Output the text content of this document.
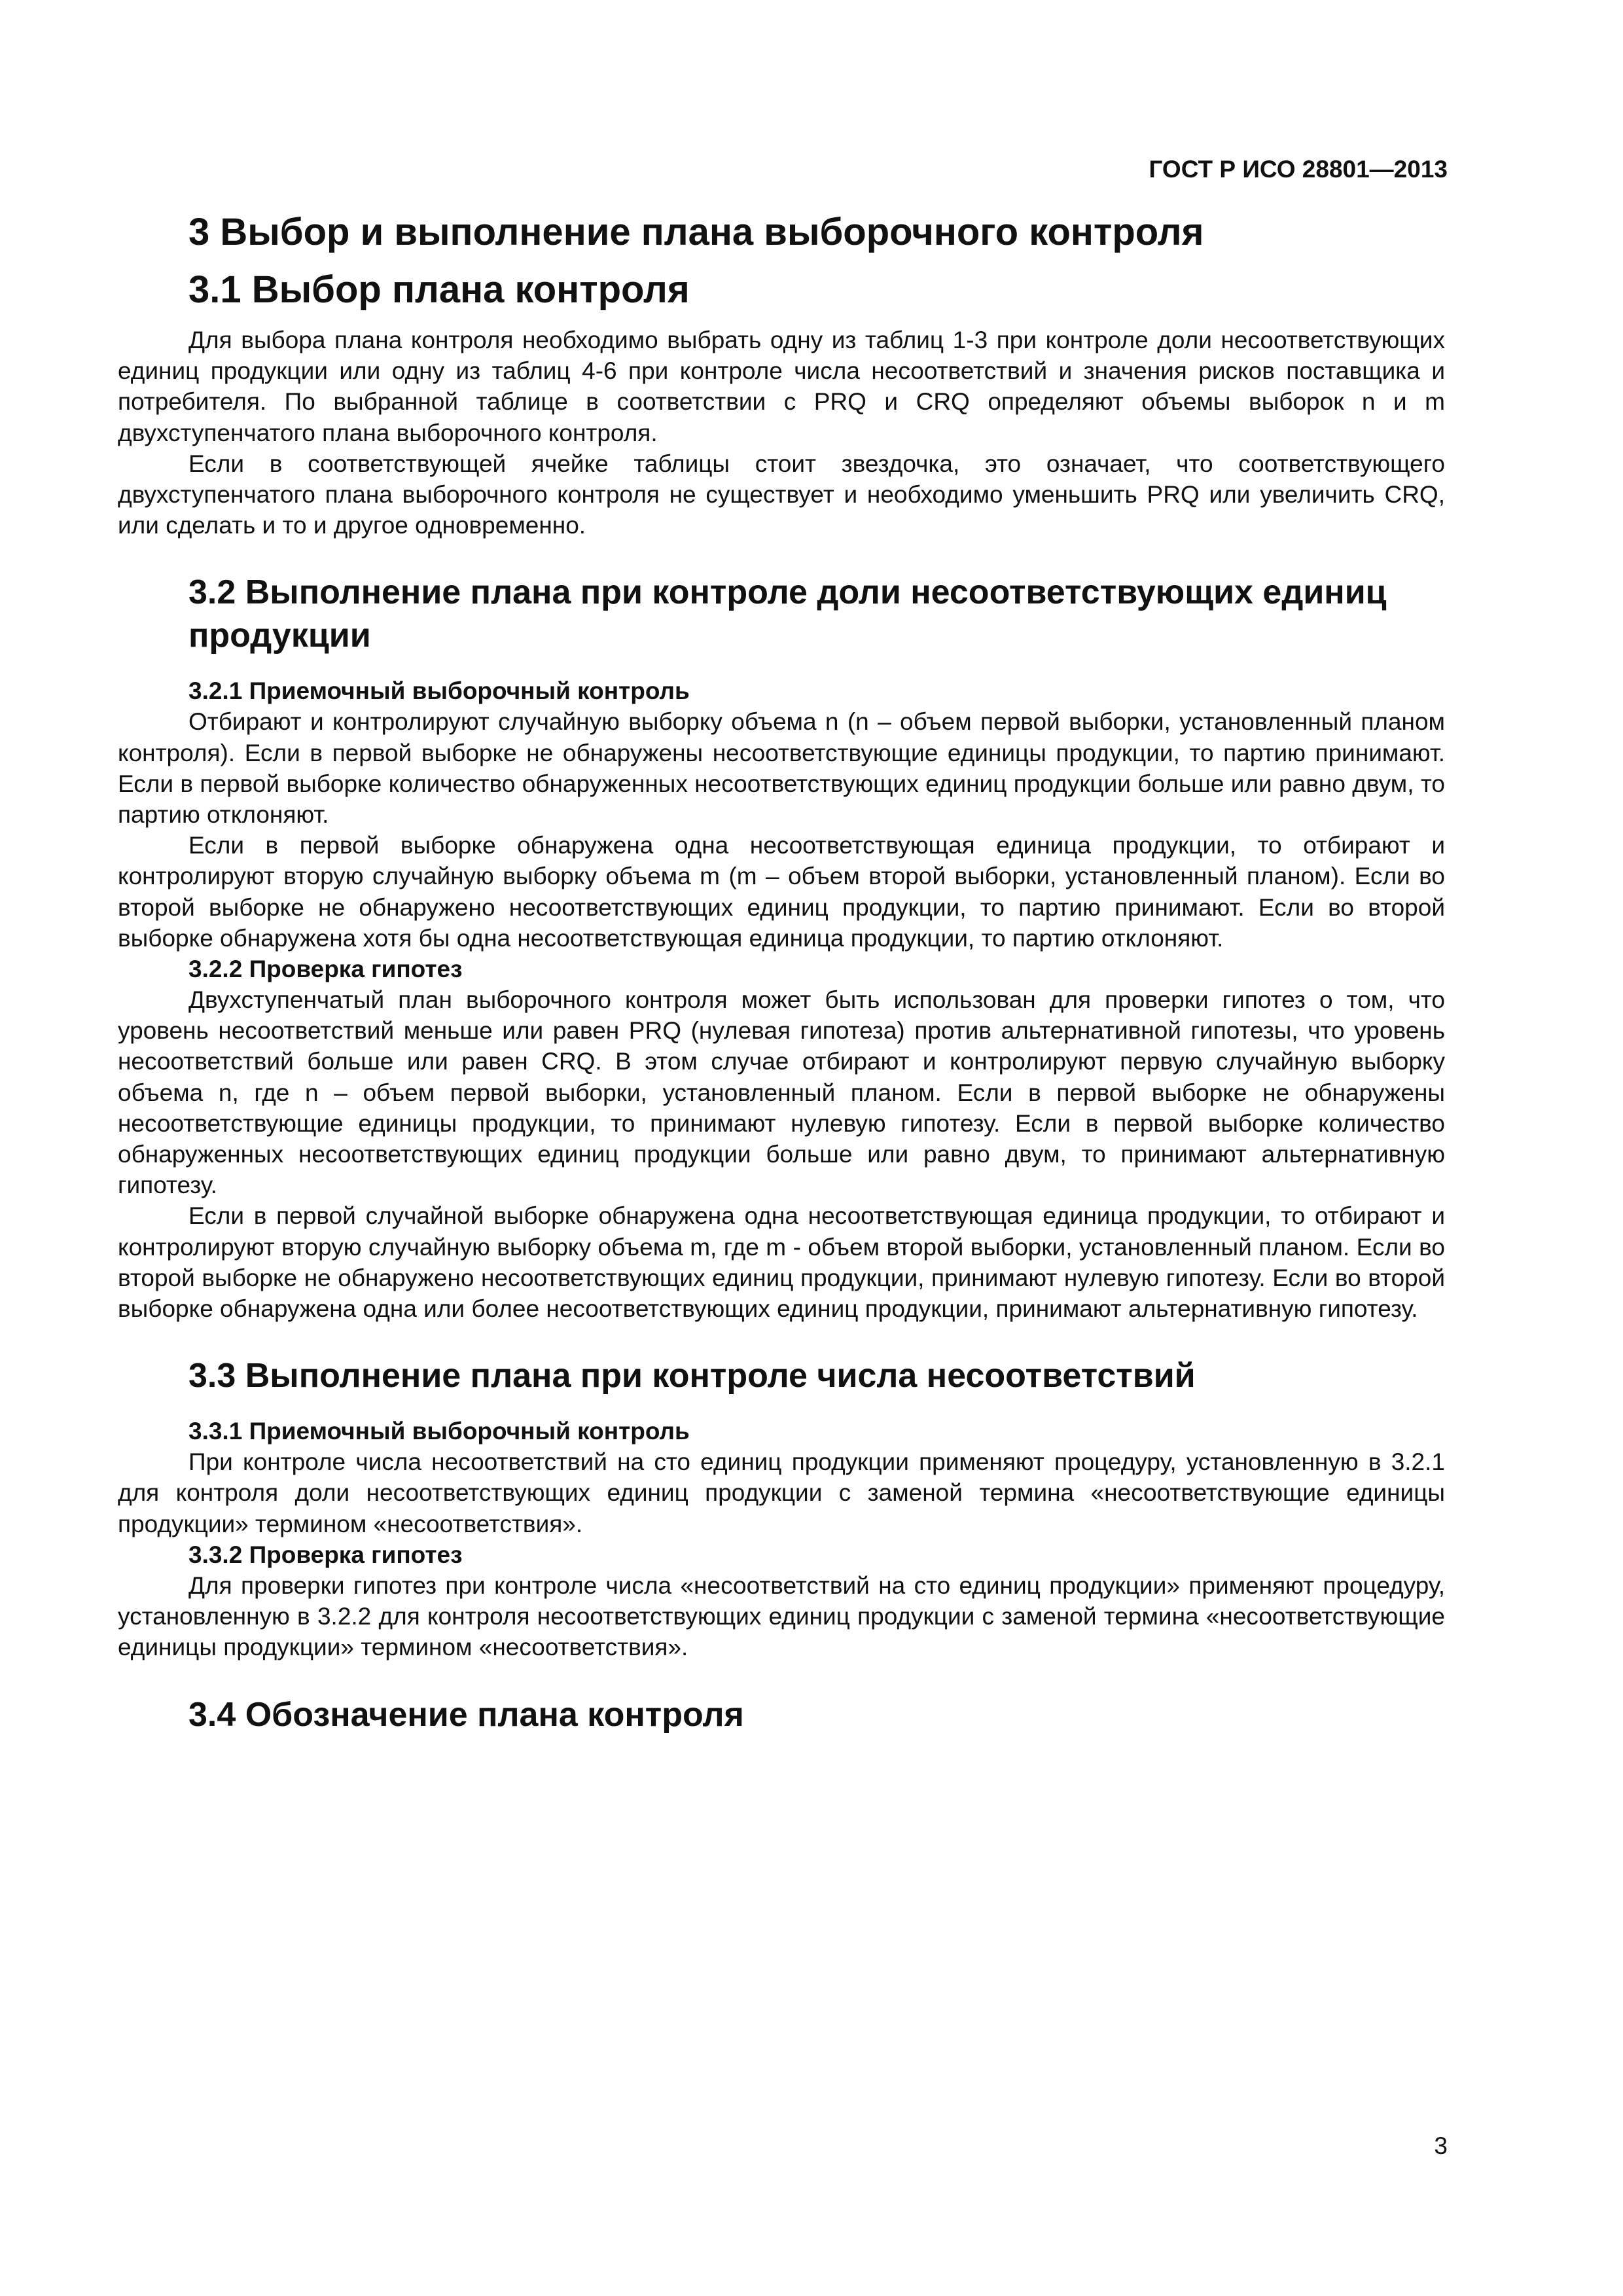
ГОСТ Р ИСО 28801—2013
3 Выбор и выполнение плана выборочного контроля
3.1 Выбор плана контроля

Для выбора плана контроля необходимо выбрать одну из таблиц 1-3 при контроле доли несоответствующих единиц продукции или одну из таблиц 4-6 при контроле числа несоответствий и значения рисков поставщика и потребителя. По выбранной таблице в соответствии с PRQ и CRQ определяют объемы выборок n и m двухступенчатого плана выборочного контроля.

Если в соответствующей ячейке таблицы стоит звездочка, это означает, что соответствующего двухступенчатого плана выборочного контроля не существует и необходимо уменьшить PRQ или увеличить CRQ, или сделать и то и другое одновременно.

3.2 Выполнение плана при контроле доли несоответствующих единиц продукции
3.2.1 Приемочный выборочный контроль

Отбирают и контролируют случайную выборку объема n (n – объем первой выборки, установленный планом контроля). Если в первой выборке не обнаружены несоответствующие единицы продукции, то партию принимают. Если в первой выборке количество обнаруженных несоответствующих единиц продукции больше или равно двум, то партию отклоняют.

Если в первой выборке обнаружена одна несоответствующая единица продукции, то отбирают и контролируют вторую случайную выборку объема m (m – объем второй выборки, установленный планом). Если во второй выборке не обнаружено несоответствующих единиц продукции, то партию принимают. Если во второй выборке обнаружена хотя бы одна несоответствующая единица продукции, то партию отклоняют.

3.2.2 Проверка гипотез

Двухступенчатый план выборочного контроля может быть использован для проверки гипотез о том, что уровень несоответствий меньше или равен PRQ (нулевая гипотеза) против альтернативной гипотезы, что уровень несоответствий больше или равен CRQ. В этом случае отбирают и контролируют первую случайную выборку объема n, где n – объем первой выборки, установленный планом. Если в первой выборке не обнаружены несоответствующие единицы продукции, то принимают нулевую гипотезу. Если в первой выборке количество обнаруженных несоответствующих единиц продукции больше или равно двум, то принимают альтернативную гипотезу.

Если в первой случайной выборке обнаружена одна несоответствующая единица продукции, то отбирают и контролируют вторую случайную выборку объема m, где m - объем второй выборки, установленный планом. Если во второй выборке не обнаружено несоответствующих единиц продукции, принимают нулевую гипотезу. Если во второй выборке обнаружена одна или более несоответствующих единиц продукции, принимают альтернативную гипотезу.

3.3 Выполнение плана при контроле числа несоответствий
3.3.1 Приемочный выборочный контроль

При контроле числа несоответствий на сто единиц продукции применяют процедуру, установленную в 3.2.1 для контроля доли несоответствующих единиц продукции с заменой термина «несоответствующие единицы продукции» термином «несоответствия».

3.3.2 Проверка гипотез

Для проверки гипотез при контроле числа «несоответствий на сто единиц продукции» применяют процедуру, установленную в 3.2.2 для контроля несоответствующих единиц продукции с заменой термина «несоответствующие единицы продукции» термином «несоответствия».

3.4 Обозначение плана контроля
3
